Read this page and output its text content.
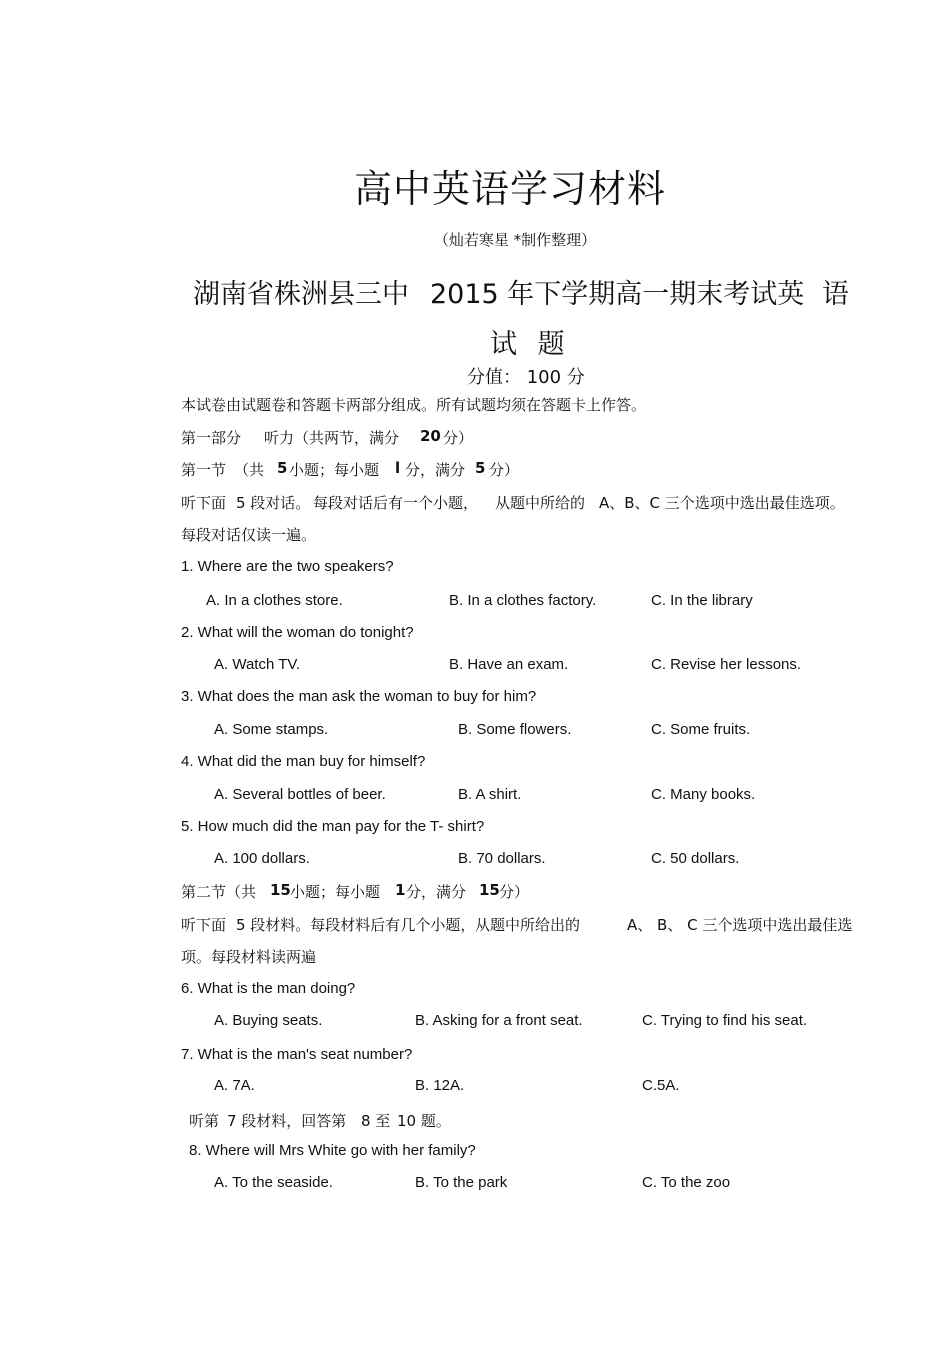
高中英语学习材料
（灿若寒星 *制作整理）
湖南省株洲县三中 2015 年下学期高一期末考试英 语
试 题
分值： 100 分
本试卷由试题卷和答题卡两部分组成。所有试题均须在答题卡上作答。
第一部分 听力（共两节，满分 20 分）
第一节 （共 5 小题；每小题 l 分，满分 5 分）
听下面 5 段对话。 每段对话后有一个小题， 从题中所给的 A、B、C 三个选项中选出最佳选项。
每段对话仅读一遍。
1. Where are the two speakers?
A. In a clothes store.	B. In a clothes factory.	C. In the library
2. What will the woman do tonight?
A. Watch TV.	B. Have an exam.	C. Revise her lessons.
3. What does the man ask the woman to buy for him?
A. Some stamps.	B. Some flowers.	C. Some fruits.
4. What did the man buy for himself?
A. Several bottles of beer.	B. A shirt.	C. Many books.
5. How much did the man pay for the T- shirt?
A. 100 dollars.	B. 70 dollars.	C. 50 dollars.
第二节（共 15 小题；每小题 1 分，满分 15 分）
听下面 5 段材料。每段材料后有几个小题， 从题中所给出的	A、 B、 C 三个选项中选出最佳选
项。每段材料读两遍
6. What is the man doing?
A. Buying seats.	B. Asking for a front seat.	C. Trying to find his seat.
7. What is the man's seat number?
A. 7A.	B. 12A.	C.5A.
听第 7 段材料，回答第 8 至 10 题。
8. Where will Mrs White go with her family?
A. To the seaside.	B. To the park	C. To the zoo
